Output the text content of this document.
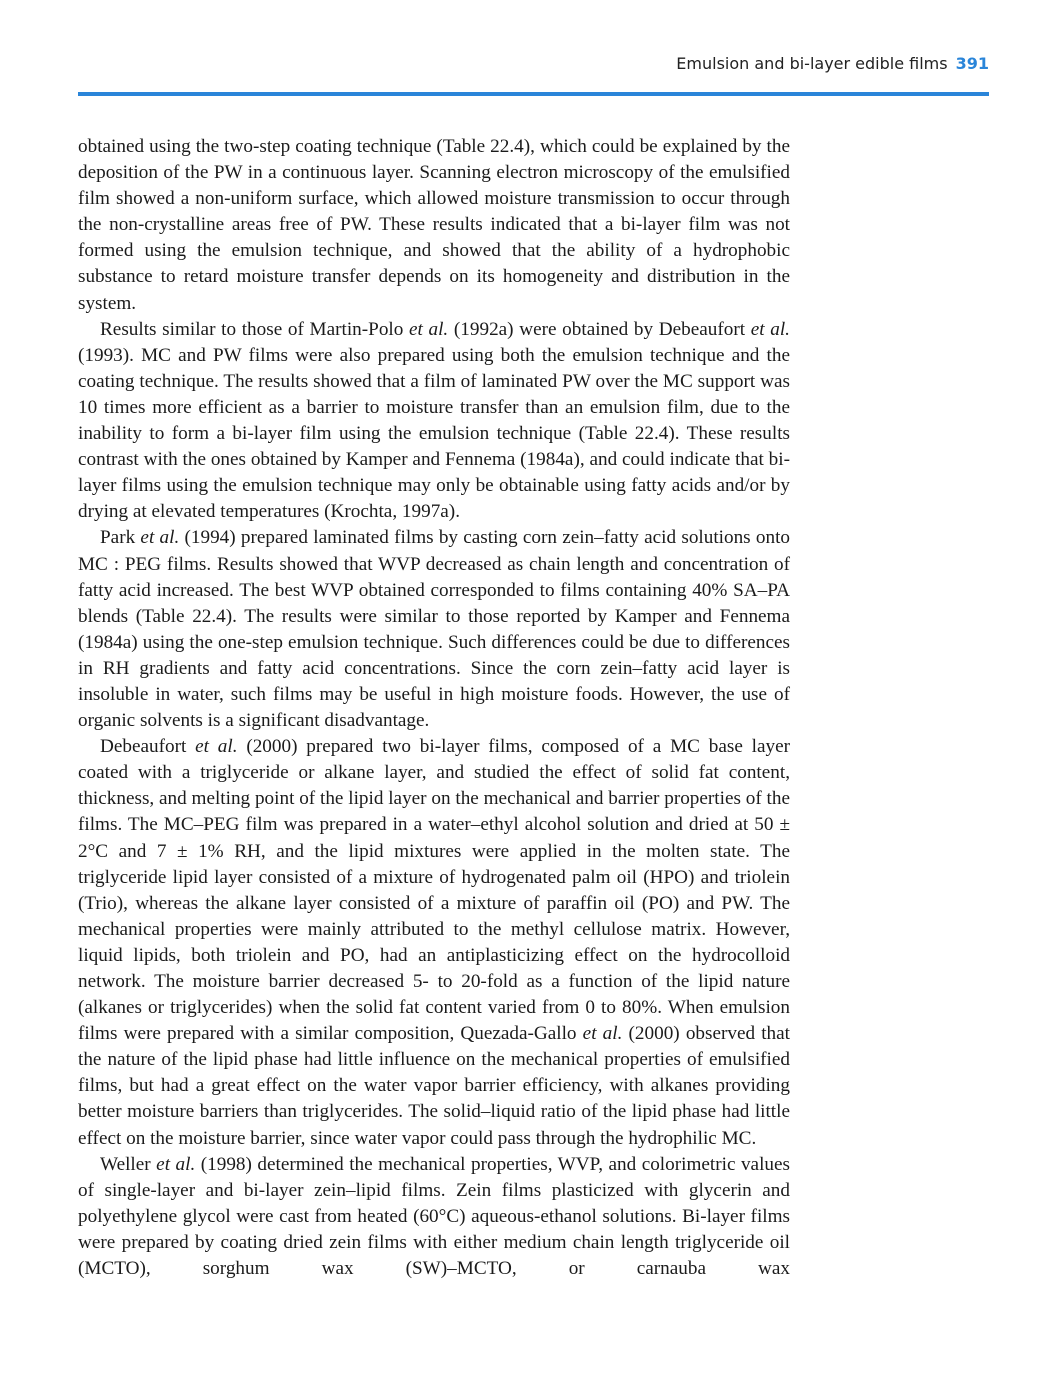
Emulsion and bi-layer edible films 391

obtained using the two-step coating technique (Table 22.4), which could be explained by the deposition of the PW in a continuous layer. Scanning electron microscopy of the emulsified film showed a non-uniform surface, which allowed moisture transmission to occur through the non-crystalline areas free of PW. These results indicated that a bi-layer film was not formed using the emulsion technique, and showed that the ability of a hydrophobic substance to retard moisture transfer depends on its homogeneity and distribution in the system.

Results similar to those of Martin-Polo et al. (1992a) were obtained by Debeaufort et al. (1993). MC and PW films were also prepared using both the emulsion technique and the coating technique. The results showed that a film of laminated PW over the MC support was 10 times more efficient as a barrier to moisture transfer than an emulsion film, due to the inability to form a bi-layer film using the emulsion technique (Table 22.4). These results contrast with the ones obtained by Kamper and Fennema (1984a), and could indicate that bi-layer films using the emulsion technique may only be obtainable using fatty acids and/or by drying at elevated temperatures (Krochta, 1997a).

Park et al. (1994) prepared laminated films by casting corn zein–fatty acid solutions onto MC : PEG films. Results showed that WVP decreased as chain length and concentration of fatty acid increased. The best WVP obtained corresponded to films containing 40% SA–PA blends (Table 22.4). The results were similar to those reported by Kamper and Fennema (1984a) using the one-step emulsion technique. Such differences could be due to differences in RH gradients and fatty acid concentrations. Since the corn zein–fatty acid layer is insoluble in water, such films may be useful in high moisture foods. However, the use of organic solvents is a significant disadvantage.

Debeaufort et al. (2000) prepared two bi-layer films, composed of a MC base layer coated with a triglyceride or alkane layer, and studied the effect of solid fat content, thickness, and melting point of the lipid layer on the mechanical and barrier properties of the films. The MC–PEG film was prepared in a water–ethyl alcohol solution and dried at 50 ± 2°C and 7 ± 1% RH, and the lipid mixtures were applied in the molten state. The triglyceride lipid layer consisted of a mixture of hydrogenated palm oil (HPO) and triolein (Trio), whereas the alkane layer consisted of a mixture of paraffin oil (PO) and PW. The mechanical properties were mainly attributed to the methyl cellulose matrix. However, liquid lipids, both triolein and PO, had an antiplasticizing effect on the hydrocolloid network. The moisture barrier decreased 5- to 20-fold as a function of the lipid nature (alkanes or triglycerides) when the solid fat content varied from 0 to 80%. When emulsion films were prepared with a similar composition, Quezada-Gallo et al. (2000) observed that the nature of the lipid phase had little influence on the mechanical properties of emulsified films, but had a great effect on the water vapor barrier efficiency, with alkanes providing better moisture barriers than triglycerides. The solid–liquid ratio of the lipid phase had little effect on the moisture barrier, since water vapor could pass through the hydrophilic MC.

Weller et al. (1998) determined the mechanical properties, WVP, and colorimetric values of single-layer and bi-layer zein–lipid films. Zein films plasticized with glycerin and polyethylene glycol were cast from heated (60°C) aqueous-ethanol solutions. Bi-layer films were prepared by coating dried zein films with either medium chain length triglyceride oil (MCTO), sorghum wax (SW)–MCTO, or carnauba wax
